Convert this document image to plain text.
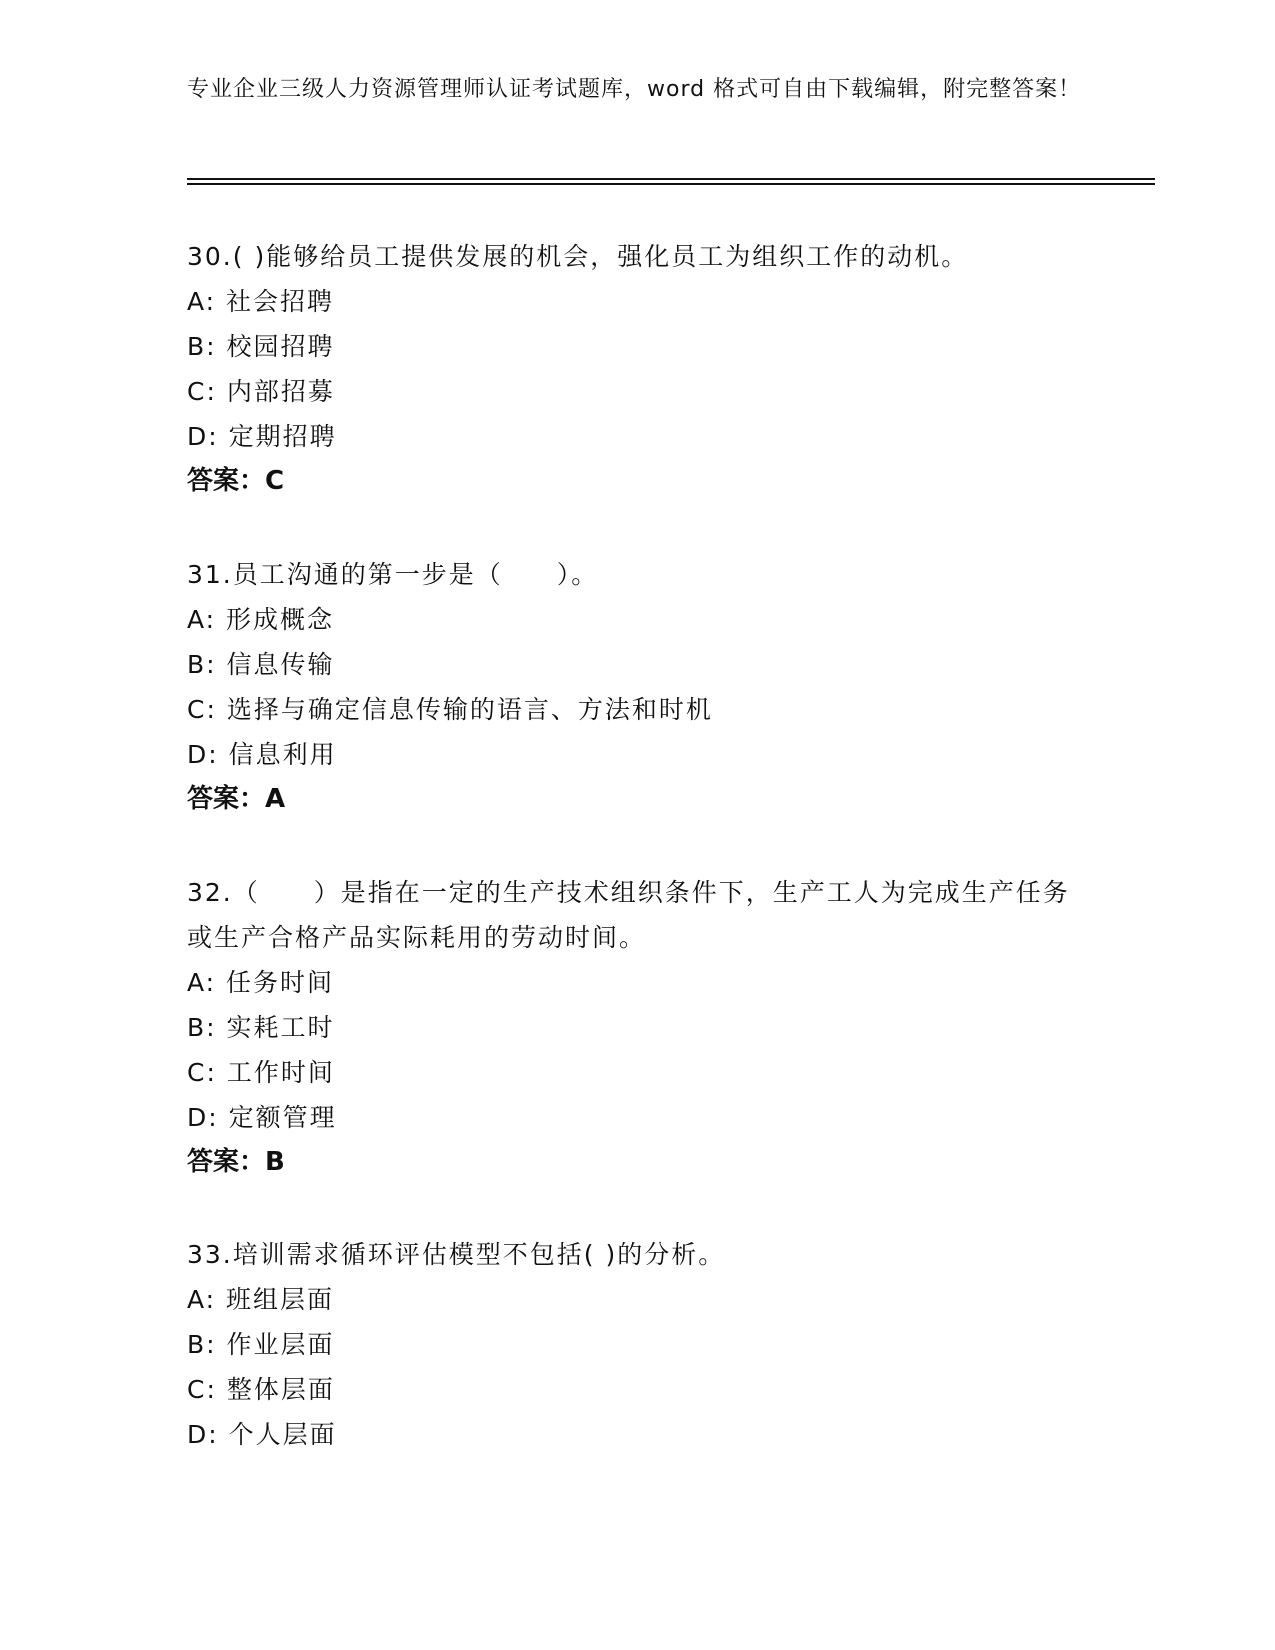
专业企业三级人力资源管理师认证考试题库，word 格式可自由下载编辑，附完整答案！
30.( )能够给员工提供发展的机会，强化员工为组织工作的动机。
A: 社会招聘
B: 校园招聘
C: 内部招募
D: 定期招聘
答案：C
31.员工沟通的第一步是（　　）。
A: 形成概念
B: 信息传输
C: 选择与确定信息传输的语言、方法和时机
D: 信息利用
答案：A
32.（　　）是指在一定的生产技术组织条件下，生产工人为完成生产任务或生产合格产品实际耗用的劳动时间。
A: 任务时间
B: 实耗工时
C: 工作时间
D: 定额管理
答案：B
33.培训需求循环评估模型不包括( )的分析。
A: 班组层面
B: 作业层面
C: 整体层面
D: 个人层面
